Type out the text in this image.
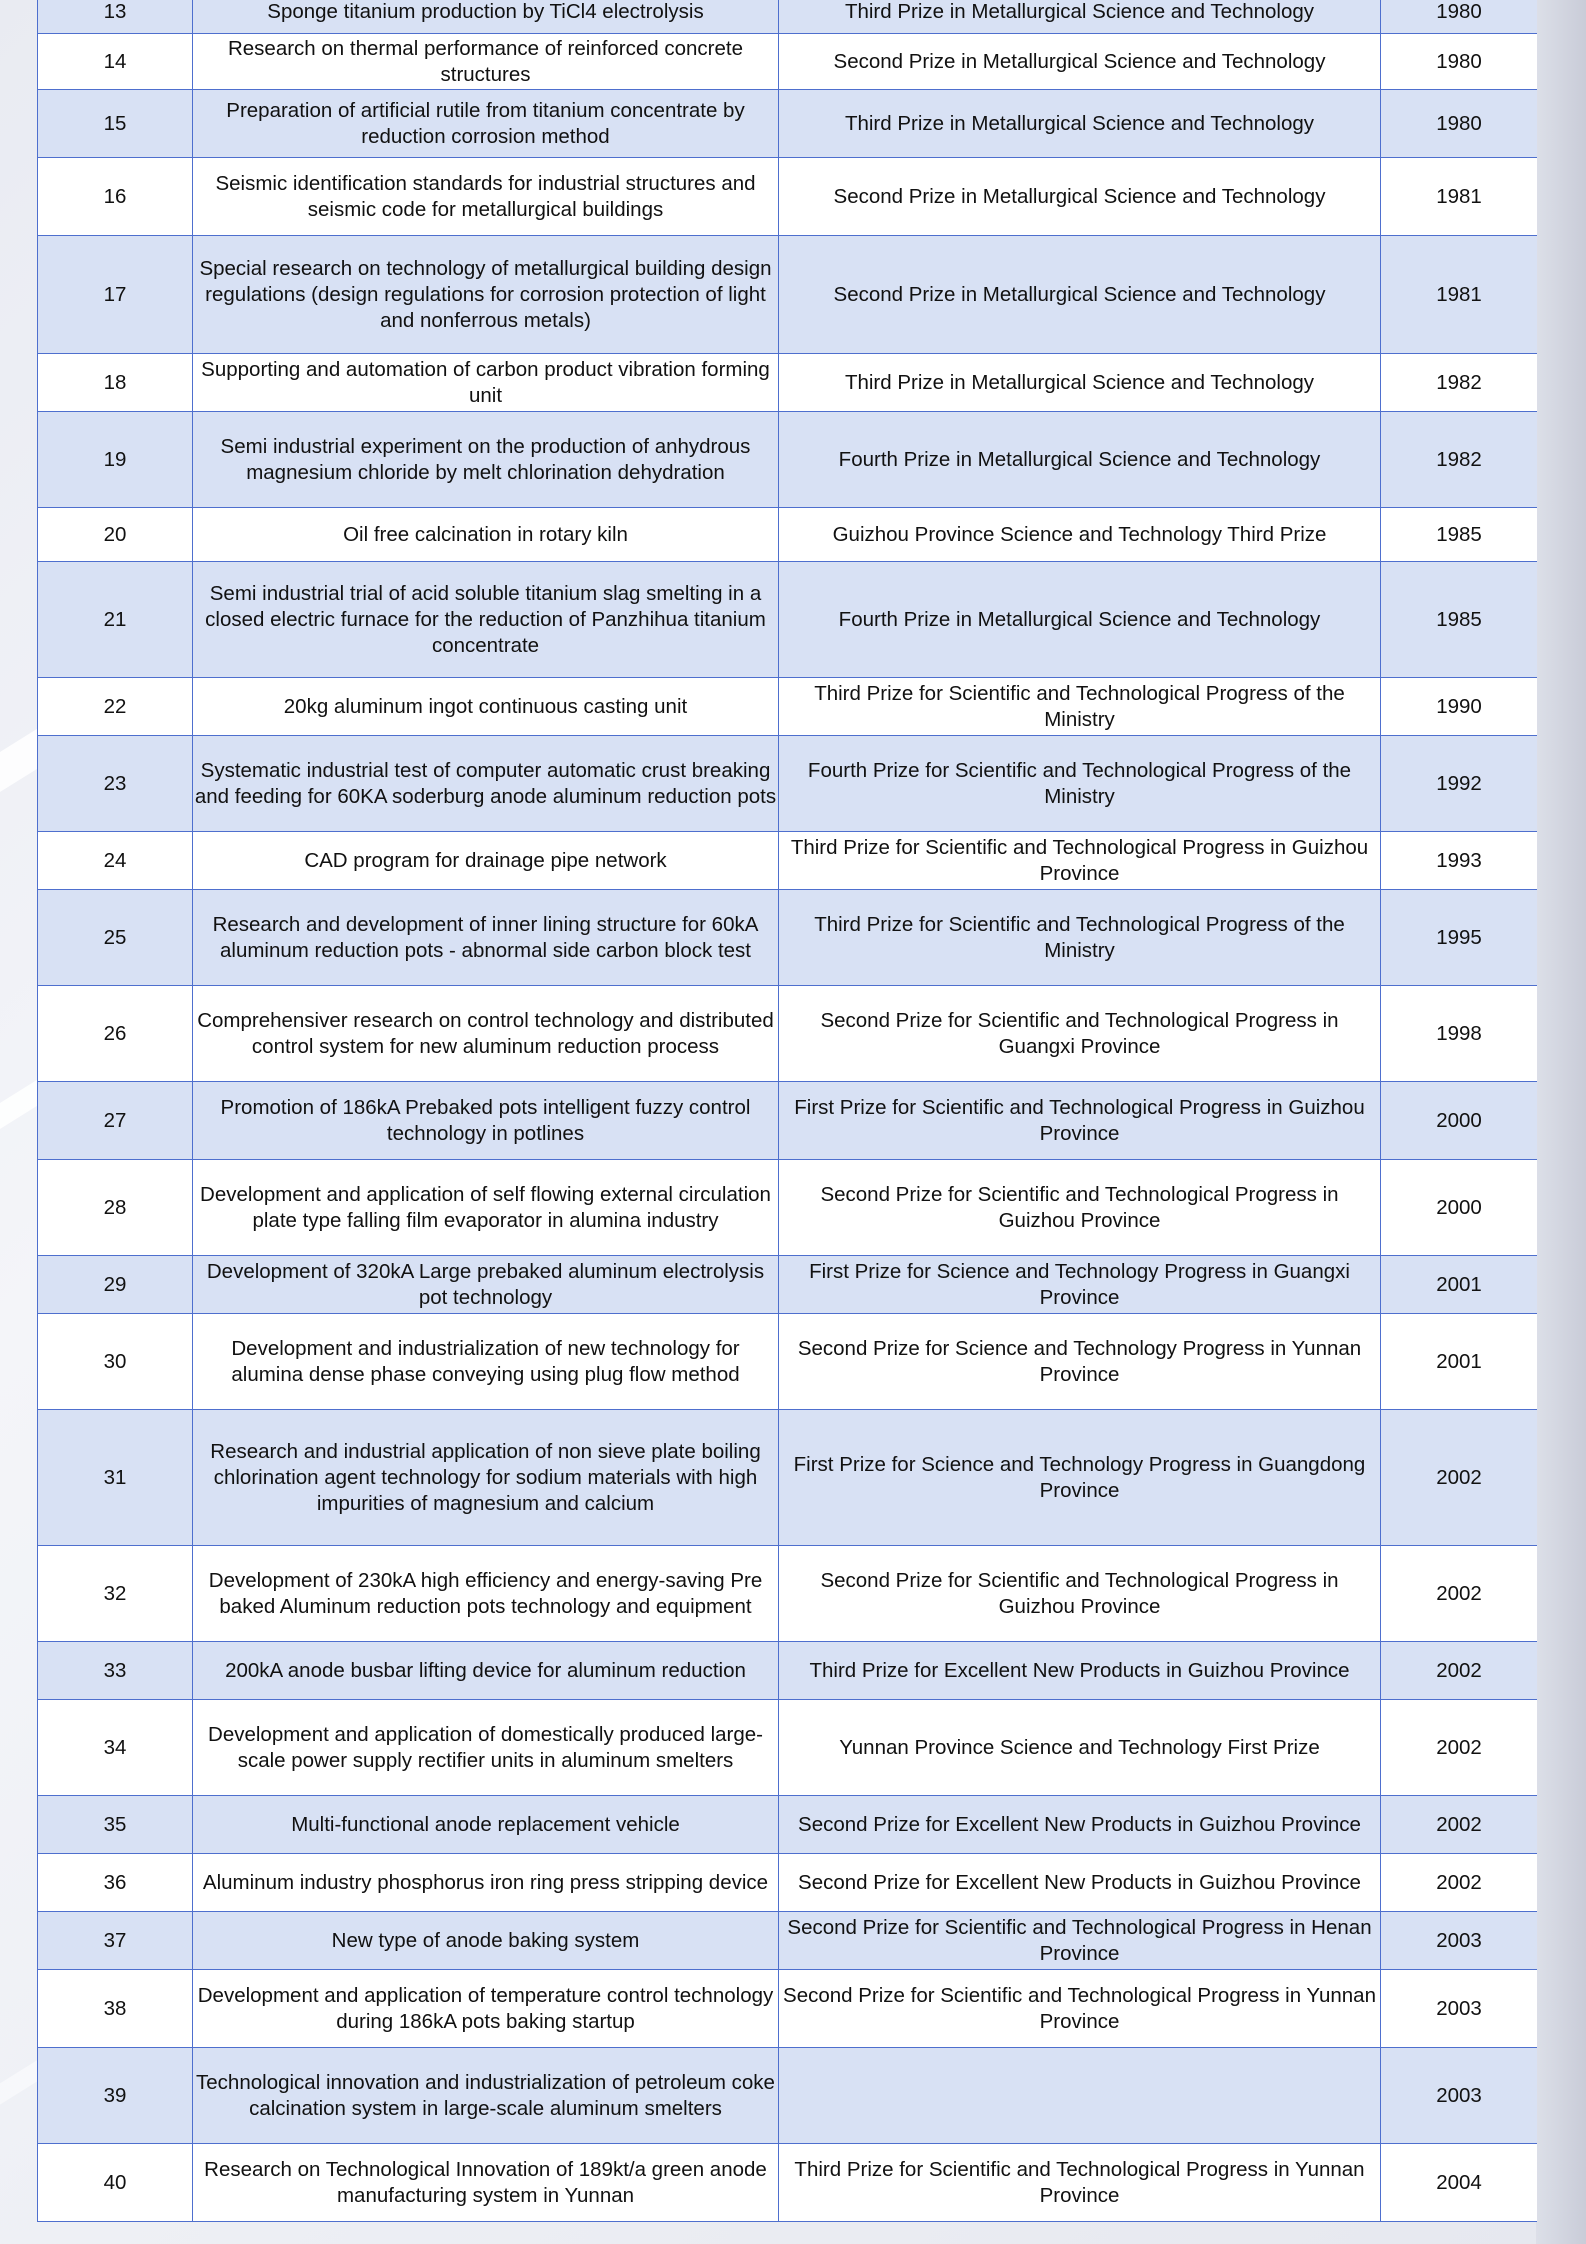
13	Sponge titanium production by TiCl4 electrolysis	Third Prize in Metallurgical Science and Technology	1980
14	Research on thermal performance of reinforced concrete structures	Second Prize in Metallurgical Science and Technology	1980
15	Preparation of artificial rutile from titanium concentrate by reduction corrosion method	Third Prize in Metallurgical Science and Technology	1980
16	Seismic identification standards for industrial structures and seismic code for metallurgical buildings	Second Prize in Metallurgical Science and Technology	1981
17	Special research on technology of metallurgical building design regulations (design regulations for corrosion protection of light and nonferrous metals)	Second Prize in Metallurgical Science and Technology	1981
18	Supporting and automation of carbon product vibration forming unit	Third Prize in Metallurgical Science and Technology	1982
19	Semi industrial experiment on the production of anhydrous magnesium chloride by melt chlorination dehydration	Fourth Prize in Metallurgical Science and Technology	1982
20	Oil free calcination in rotary kiln	Guizhou Province Science and Technology Third Prize	1985
21	Semi industrial trial of acid soluble titanium slag smelting in a closed electric furnace for the reduction of Panzhihua titanium concentrate	Fourth Prize in Metallurgical Science and Technology	1985
22	20kg aluminum ingot continuous casting unit	Third Prize for Scientific and Technological Progress of the Ministry	1990
23	Systematic industrial test of computer automatic crust breaking and feeding for 60KA soderburg anode aluminum reduction pots	Fourth Prize for Scientific and Technological Progress of the Ministry	1992
24	CAD program for drainage pipe network	Third Prize for Scientific and Technological Progress in Guizhou Province	1993
25	Research and development of inner lining structure for 60kA aluminum reduction pots - abnormal side carbon block test	Third Prize for Scientific and Technological Progress of the Ministry	1995
26	Comprehensiver research on control technology and distributed control system for new aluminum reduction process	Second Prize for Scientific and Technological Progress in Guangxi Province	1998
27	Promotion of 186kA Prebaked pots intelligent fuzzy control technology in potlines	First Prize for Scientific and Technological Progress in Guizhou Province	2000
28	Development and application of self flowing external circulation plate type falling film evaporator in alumina industry	Second Prize for Scientific and Technological Progress in Guizhou Province	2000
29	Development of 320kA Large prebaked aluminum electrolysis pot technology	First Prize for Science and Technology Progress in Guangxi Province	2001
30	Development and industrialization of new technology for alumina dense phase conveying using plug flow method	Second Prize for Science and Technology Progress in Yunnan Province	2001
31	Research and industrial application of non sieve plate boiling chlorination agent technology for sodium materials with high impurities of magnesium and calcium	First Prize for Science and Technology Progress in Guangdong Province	2002
32	Development of 230kA high efficiency and energy-saving Pre baked Aluminum reduction pots technology and equipment	Second Prize for Scientific and Technological Progress in Guizhou Province	2002
33	200kA anode busbar lifting device for aluminum reduction	Third Prize for Excellent New Products in Guizhou Province	2002
34	Development and application of domestically produced large-scale power supply rectifier units in aluminum smelters	Yunnan Province Science and Technology First Prize	2002
35	Multi-functional anode replacement vehicle	Second Prize for Excellent New Products in Guizhou Province	2002
36	Aluminum industry phosphorus iron ring press stripping device	Second Prize for Excellent New Products in Guizhou Province	2002
37	New type of anode baking system	Second Prize for Scientific and Technological Progress in Henan Province	2003
38	Development and application of temperature control technology during 186kA pots baking startup	Second Prize for Scientific and Technological Progress in Yunnan Province	2003
39	Technological innovation and industrialization of petroleum coke calcination system in large-scale aluminum smelters		2003
40	Research on Technological Innovation of 189kt/a green anode manufacturing system in Yunnan	Third Prize for Scientific and Technological Progress in Yunnan Province	2004
